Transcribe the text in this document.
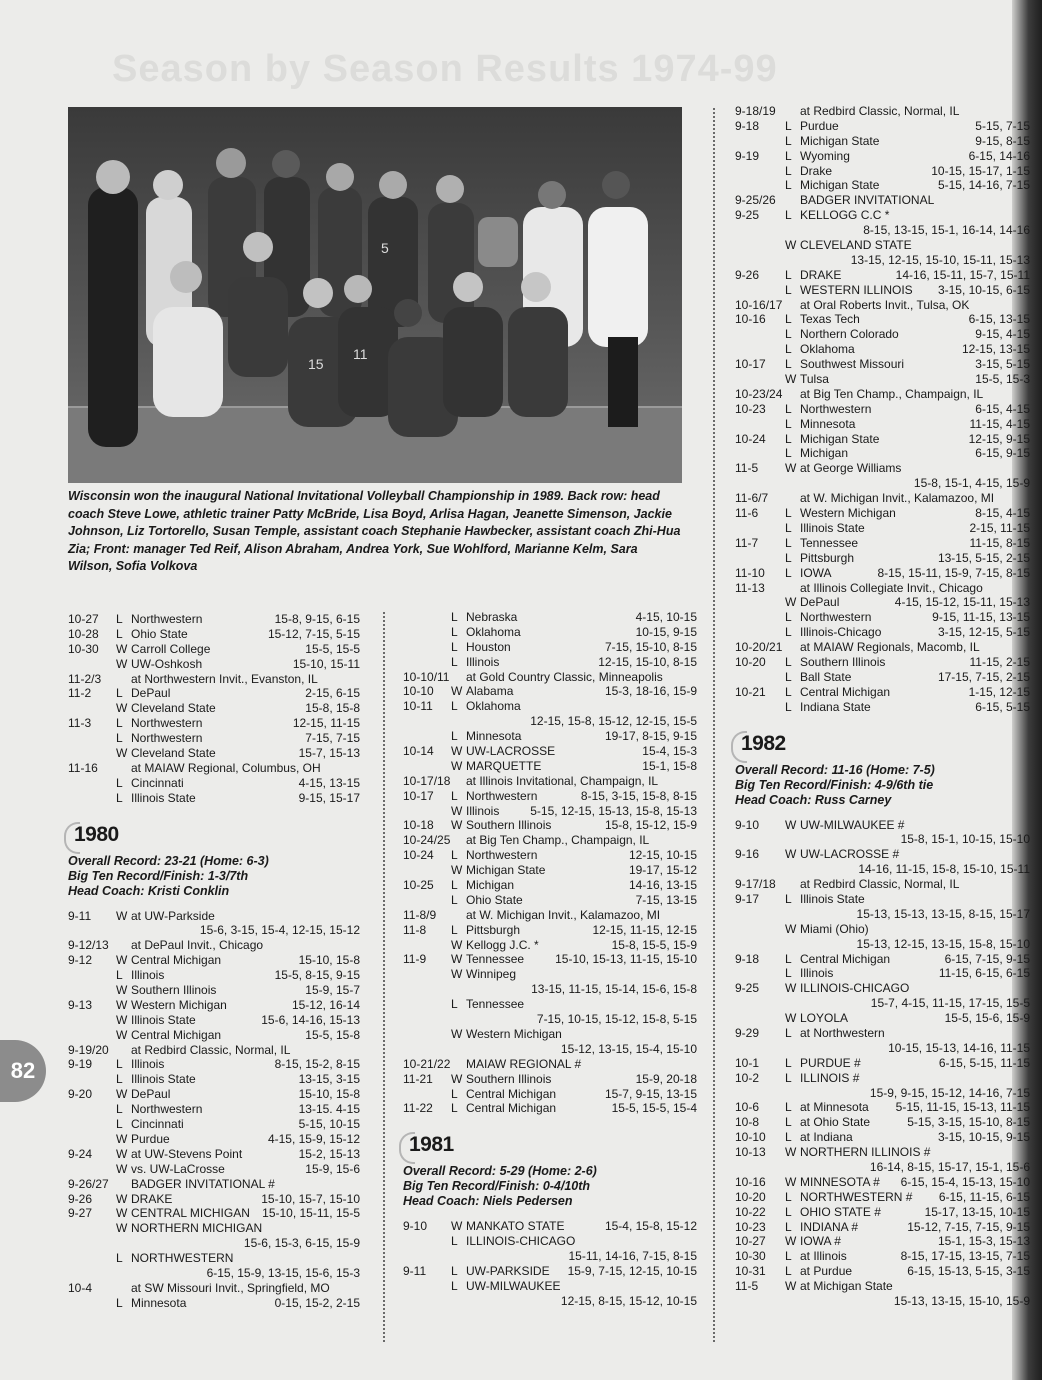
Season by Season Results 1974-99
15
11
5
Wisconsin won the inaugural National Invitational Volleyball Championship in 1989. Back row: head coach Steve Lowe, athletic trainer Patty McBride, Lisa Boyd, Arlisa Hagan, Jeanette Simenson, Jackie Johnson, Liz Tortorello, Susan Temple, assistant coach Stephanie Hawbecker, assistant coach Zhi-Hua Zia; Front: manager Ted Reif, Alison Abraham, Andrea York, Sue Wohlford, Marianne Kelm, Sara Wilson, Sofia Volkova
82
10-27	L Northwestern	15-8, 9-15, 6-15
10-28	L Ohio State	15-12, 7-15, 5-15
10-30	W Carroll College	15-5, 15-5
W UW-Oshkosh	15-10, 15-11
11-2/3	at Northwestern Invit., Evanston, IL
11-2	L DePaul	2-15, 6-15
W Cleveland State	15-8, 15-8
11-3	L Northwestern	12-15, 11-15
L Northwestern	7-15, 7-15
W Cleveland State	15-7, 15-13
11-16	at MAIAW Regional, Columbus, OH
L Cincinnati	4-15, 13-15
L Illinois State	9-15, 15-17
1980
Overall Record: 23-21 (Home: 6-3)
Big Ten Record/Finish: 1-3/7th
Head Coach: Kristi Conklin
9-11	W at UW-Parkside
15-6, 3-15, 15-4, 12-15, 15-12
9-12/13	at DePaul Invit., Chicago
9-12	W Central Michigan	15-10, 15-8
L Illinois	15-5, 8-15, 9-15
W Southern Illinois	15-9, 15-7
9-13	W Western Michigan	15-12, 16-14
W Illinois State	15-6, 14-16, 15-13
W Central Michigan	15-5, 15-8
9-19/20	at Redbird Classic, Normal, IL
9-19	L Illinois	8-15, 15-2, 8-15
L Illinois State	13-15, 3-15
9-20	W DePaul	15-10, 15-8
L Northwestern	13-15. 4-15
L Cincinnati	5-15, 10-15
W Purdue	4-15, 15-9, 15-12
9-24	W at UW-Stevens Point	15-2, 15-13
W vs. UW-LaCrosse	15-9, 15-6
9-26/27	BADGER INVITATIONAL #
9-26	W DRAKE	15-10, 15-7, 15-10
9-27	W CENTRAL MICHIGAN	15-10, 15-11, 15-5
W NORTHERN MICHIGAN
15-6, 15-3, 6-15, 15-9
L NORTHWESTERN
6-15, 15-9, 13-15, 15-6, 15-3
10-4	at SW Missouri Invit., Springfield, MO
L Minnesota	0-15, 15-2, 2-15
L Nebraska	4-15, 10-15
L Oklahoma	10-15, 9-15
L Houston	7-15, 15-10, 8-15
L Illinois	12-15, 15-10, 8-15
10-10/11 at Gold Country Classic, Minneapolis
10-10	W Alabama	15-3, 18-16, 15-9
10-11	L Oklahoma
12-15, 15-8, 15-12, 12-15, 15-5
L Minnesota	19-17, 8-15, 9-15
10-14	W UW-LACROSSE	15-4, 15-3
W MARQUETTE	15-1, 15-8
10-17/18 at Illinois Invitational, Champaign, IL
10-17	L Northwestern	8-15, 3-15, 15-8, 8-15
W Illinois	5-15, 12-15, 15-13, 15-8, 15-13
10-18	W Southern Illinois	15-8, 15-12, 15-9
10-24/25 at Big Ten Champ., Champaign, IL
10-24	L Northwestern	12-15, 10-15
W Michigan State	19-17, 15-12
10-25	L Michigan	14-16, 13-15
L Ohio State	7-15, 13-15
11-8/9	at W. Michigan Invit., Kalamazoo, MI
11-8	L Pittsburgh	12-15, 11-15, 12-15
W Kellogg J.C. *	15-8, 15-5, 15-9
11-9	W Tennessee	15-10, 15-13, 11-15, 15-10
W Winnipeg
13-15, 11-15, 15-14, 15-6, 15-8
L Tennessee
7-15, 10-15, 15-12, 15-8, 5-15
W Western Michigan
15-12, 13-15, 15-4, 15-10
10-21/22 MAIAW REGIONAL #
11-21	W Southern Illinois	15-9, 20-18
L Central Michigan	15-7, 9-15, 13-15
11-22	L Central Michigan	15-5, 15-5, 15-4
1981
Overall Record: 5-29 (Home: 2-6)
Big Ten Record/Finish: 0-4/10th
Head Coach: Niels Pedersen
9-10	W MANKATO STATE	15-4, 15-8, 15-12
L ILLINOIS-CHICAGO
15-11, 14-16, 7-15, 8-15
9-11	L UW-PARKSIDE	15-9, 7-15, 12-15, 10-15
L UW-MILWAUKEE
12-15, 8-15, 15-12, 10-15
9-18/19	at Redbird Classic, Normal, IL
9-18	L Purdue	5-15, 7-15
L Michigan State	9-15, 8-15
9-19	L Wyoming	6-15, 14-16
L Drake	10-15, 15-17, 1-15
L Michigan State	5-15, 14-16, 7-15
9-25/26	BADGER INVITATIONAL
9-25	L KELLOGG C.C *
8-15, 13-15, 15-1, 16-14, 14-16
W CLEVELAND STATE
13-15, 12-15, 15-10, 15-11, 15-13
9-26	L DRAKE	14-16, 15-11, 15-7, 15-11
L WESTERN ILLINOIS	3-15, 10-15, 6-15
10-16/17 at Oral Roberts Invit., Tulsa, OK
10-16	L Texas Tech	6-15, 13-15
L Northern Colorado	9-15, 4-15
L Oklahoma	12-15, 13-15
10-17	L Southwest Missouri	3-15, 5-15
W Tulsa	15-5, 15-3
10-23/24 at Big Ten Champ., Champaign, IL
10-23	L Northwestern	6-15, 4-15
L Minnesota	11-15, 4-15
10-24	L Michigan State	12-15, 9-15
L Michigan	6-15, 9-15
11-5	W at George Williams
15-8, 15-1, 4-15, 15-9
11-6/7	at W. Michigan Invit., Kalamazoo, MI
11-6	L Western Michigan	8-15, 4-15
L Illinois State	2-15, 11-15
11-7	L Tennessee	11-15, 8-15
L Pittsburgh	13-15, 5-15, 2-15
11-10	L IOWA	8-15, 15-11, 15-9, 7-15, 8-15
11-13	at Illinois Collegiate Invit., Chicago
W DePaul	4-15, 15-12, 15-11, 15-13
L Northwestern	9-15, 11-15, 13-15
L Illinois-Chicago	3-15, 12-15, 5-15
10-20/21 at MAIAW Regionals, Macomb, IL
10-20	L Southern Illinois	11-15, 2-15
L Ball State	17-15, 7-15, 2-15
10-21	L Central Michigan	1-15, 12-15
L Indiana State	6-15, 5-15
1982
Overall Record: 11-16 (Home: 7-5)
Big Ten Record/Finish: 4-9/6th tie
Head Coach: Russ Carney
9-10	W UW-MILWAUKEE #
15-8, 15-1, 10-15, 15-10
9-16	W UW-LACROSSE #
14-16, 11-15, 15-8, 15-10, 15-11
9-17/18	at Redbird Classic, Normal, IL
9-17	L Illinois State
15-13, 15-13, 13-15, 8-15, 15-17
W Miami (Ohio)
15-13, 12-15, 13-15, 15-8, 15-10
9-18	L Central Michigan	6-15, 7-15, 9-15
L Illinois	11-15, 6-15, 6-15
9-25	W ILLINOIS-CHICAGO
15-7, 4-15, 11-15, 17-15, 15-5
W LOYOLA	15-5, 15-6, 15-9
9-29	L at Northwestern
10-15, 15-13, 14-16, 11-15
10-1	L PURDUE #	6-15, 5-15, 11-15
10-2	L ILLINOIS #
15-9, 9-15, 15-12, 14-16, 7-15
10-6	L at Minnesota	5-15, 11-15, 15-13, 11-15
10-8	L at Ohio State	5-15, 3-15, 15-10, 8-15
10-10	L at Indiana	3-15, 10-15, 9-15
10-13	W NORTHERN ILLINOIS #
16-14, 8-15, 15-17, 15-1, 15-6
10-16	W MINNESOTA #	6-15, 15-4, 15-13, 15-10
10-20	L NORTHWESTERN #	6-15, 11-15, 6-15
10-22	L OHIO STATE #	15-17, 13-15, 10-15
10-23	L INDIANA #	15-12, 7-15, 7-15, 9-15
10-27	W IOWA #	15-1, 15-3, 15-13
10-30	L at Illinois	8-15, 17-15, 13-15, 7-15
10-31	L at Purdue	6-15, 15-13, 5-15, 3-15
11-5	W at Michigan State
15-13, 13-15, 15-10, 15-9
